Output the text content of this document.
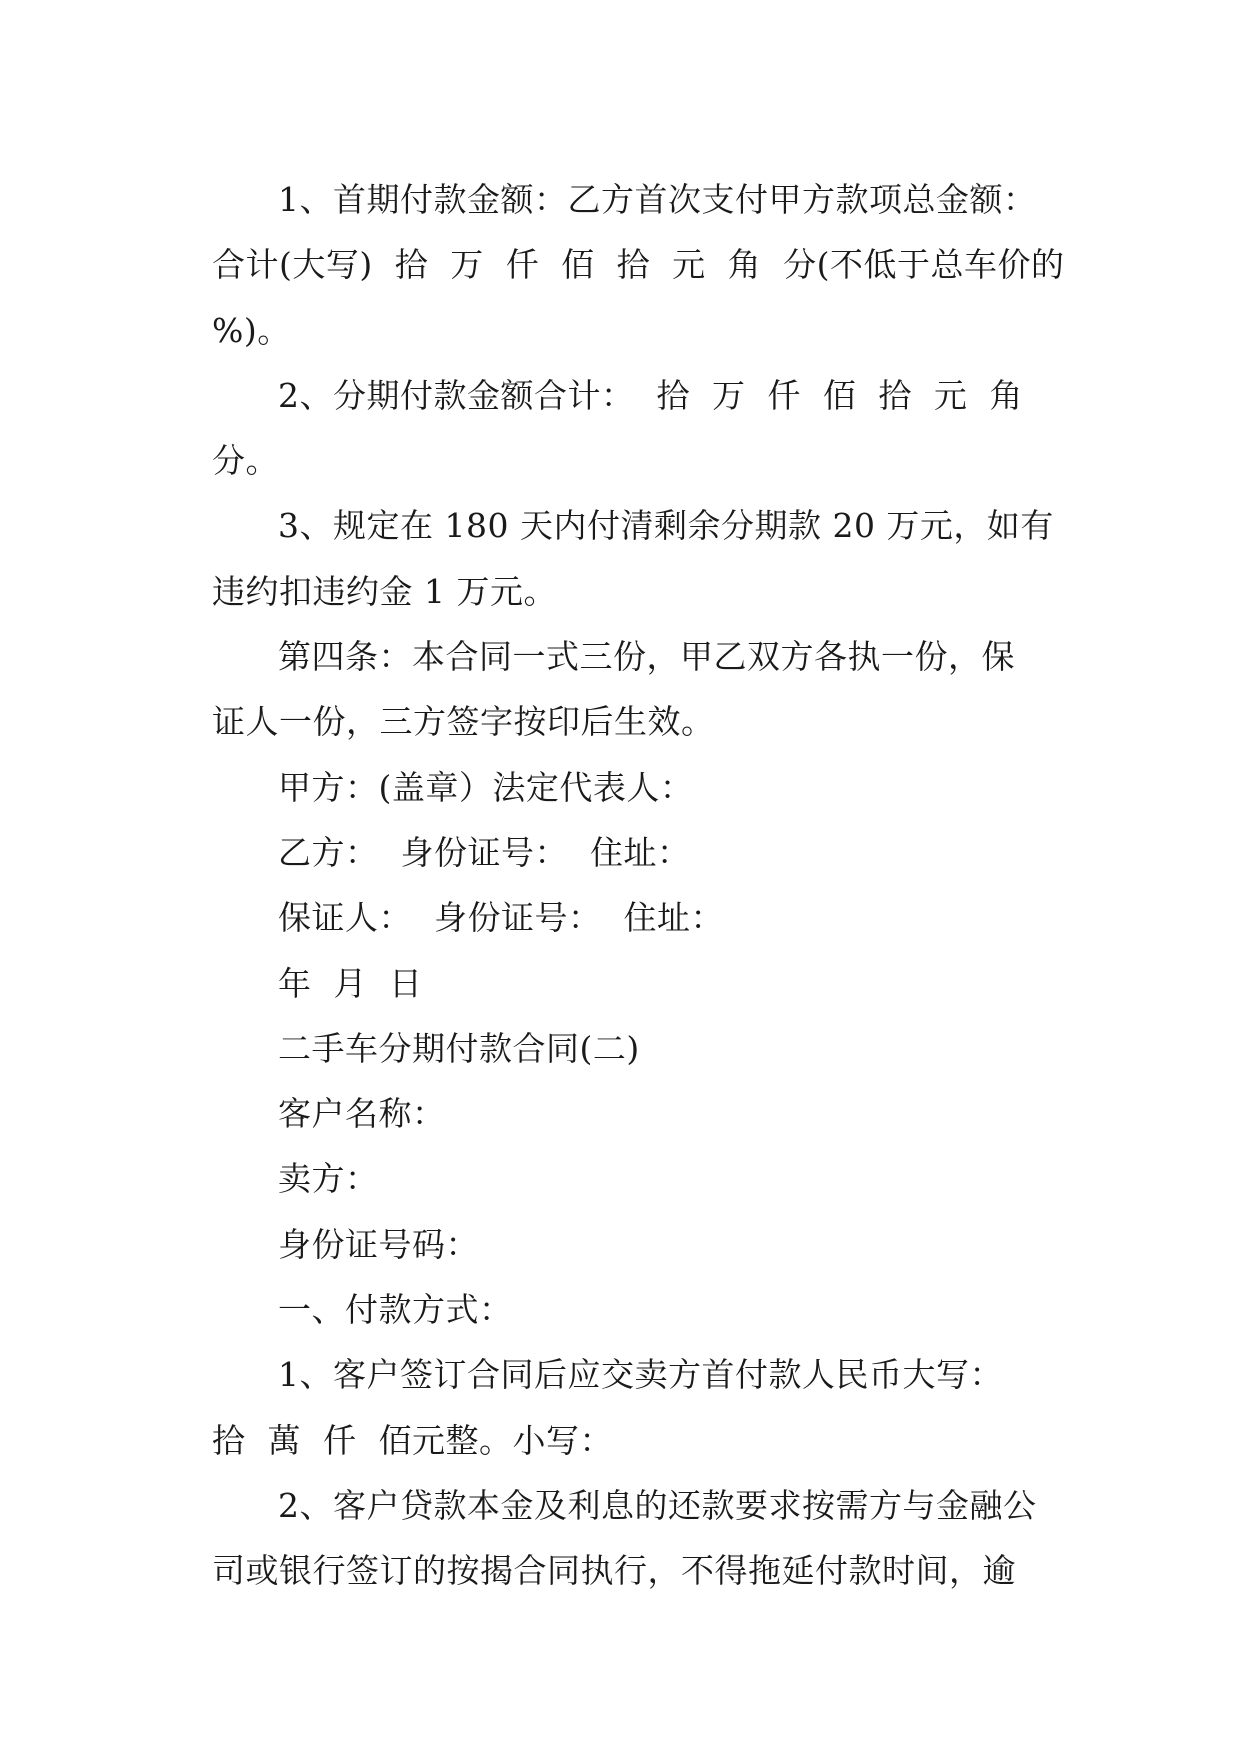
1、首期付款金额：乙方首次支付甲方款项总金额：
合计(大写)  拾  万  仟  佰  拾  元  角  分(不低于总车价的
%)。
2、分期付款金额合计：  拾  万  仟  佰  拾  元  角
分。
3、规定在 180 天内付清剩余分期款 20 万元，如有
违约扣违约金 1 万元。
第四条：本合同一式三份，甲乙双方各执一份，保
证人一份，三方签字按印后生效。
甲方：(盖章）法定代表人：
乙方：  身份证号：  住址：
保证人：  身份证号：  住址：
年  月  日
二手车分期付款合同(二)
客户名称：
卖方：
身份证号码：
一、付款方式：
1、客户签订合同后应交卖方首付款人民币大写：
拾  萬  仟  佰元整。小写：
2、客户贷款本金及利息的还款要求按需方与金融公
司或银行签订的按揭合同执行，不得拖延付款时间，逾
